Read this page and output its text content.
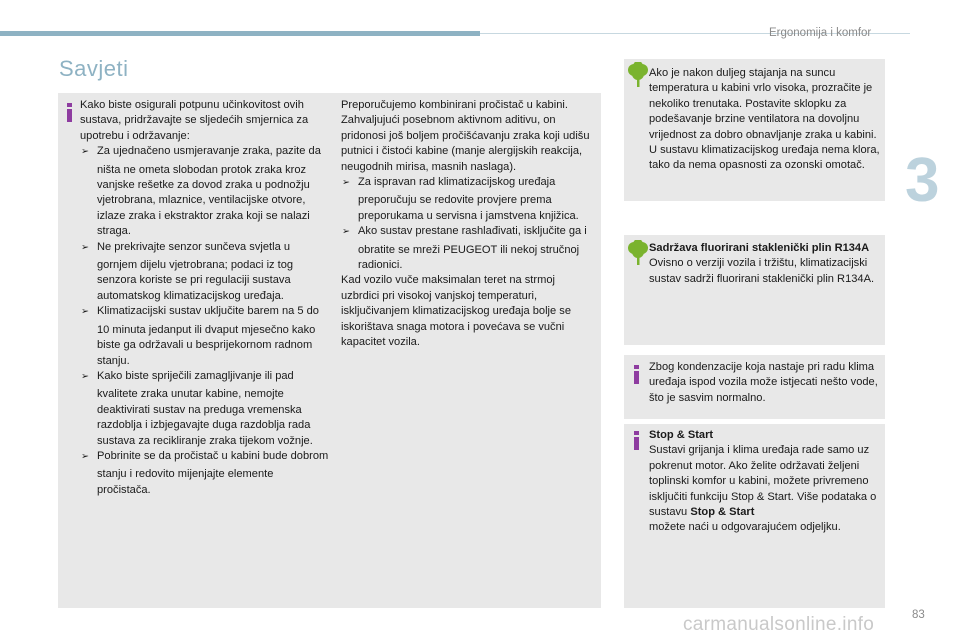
Ergonomija i komfor
3
Savjeti

Kako biste osigurali potpunu učinkovitost ovih sustava, pridržavajte se sljedećih smjernica za upotrebu i održavanje:

➢ Za ujednačeno usmjeravanje zraka, pazite da ništa ne ometa slobodan protok zraka kroz vanjske rešetke za dovod zraka u podnožju vjetrobrana, mlaznice, ventilacijske otvore, izlaze zraka i ekstraktor zraka koji se nalazi straga.

➢ Ne prekrivajte senzor sunčeva svjetla u gornjem dijelu vjetrobrana; podaci iz tog senzora koriste se pri regulaciji sustava automatskog klimatizacijskog uređaja.

➢ Klimatizacijski sustav uključite barem na 5 do 10 minuta jedanput ili dvaput mjesečno kako biste ga održavali u besprijekornom radnom stanju.

➢ Kako biste spriječili zamagljivanje ili pad kvalitete zraka unutar kabine, nemojte deaktivirati sustav na preduga vremenska razdoblja i izbjegavajte duga razdoblja rada sustava za recikliranje zraka tijekom vožnje.

➢ Pobrinite se da pročistač u kabini bude dobrom stanju i redovito mijenjajte elemente pročistača.

Preporučujemo kombinirani pročistač u kabini. Zahvaljujući posebnom aktivnom aditivu, on pridonosi još boljem pročišćavanju zraka koji udišu putnici i čistoći kabine (manje alergijskih reakcija, neugodnih mirisa, masnih naslaga).

➢ Za ispravan rad klimatizacijskog uređaja preporučuju se redovite provjere prema preporukama u servisna i jamstvena knjižica.

➢ Ako sustav prestane rashlađivati, isključite ga i obratite se mreži PEUGEOT ili nekoj stručnoj radionici.

Kad vozilo vuče maksimalan teret na strmoj uzbrdici pri visokoj vanjskoj temperaturi, isključivanjem klimatizacijskog uređaja bolje se iskorištava snaga motora i povećava se vučni kapacitet vozila.

Ako je nakon duljeg stajanja na suncu temperatura u kabini vrlo visoka, prozračite je nekoliko trenutaka. Postavite sklopku za podešavanje brzine ventilatora na dovoljnu vrijednost za dobro obnavljanje zraka u kabini. U sustavu klimatizacijskog uređaja nema klora, tako da nema opasnosti za ozonski omotač.

Sadržava fluorirani staklenički plin R134A

Ovisno o verziji vozila i tržištu, klimatizacijski sustav sadrži fluorirani staklenički plin R134A.

Zbog kondenzacije koja nastaje pri radu klima uređaja ispod vozila može istjecati nešto vode, što je sasvim normalno.

Stop & Start

Sustavi grijanja i klima uređaja rade samo uz pokrenut motor. Ako želite održavati željeni toplinski komfor u kabini, možete privremeno isključiti funkciju Stop & Start. Više podataka o sustavu Stop & Start
možete naći u odgovarajućem odjeljku.

carmanualsonline.info	83
